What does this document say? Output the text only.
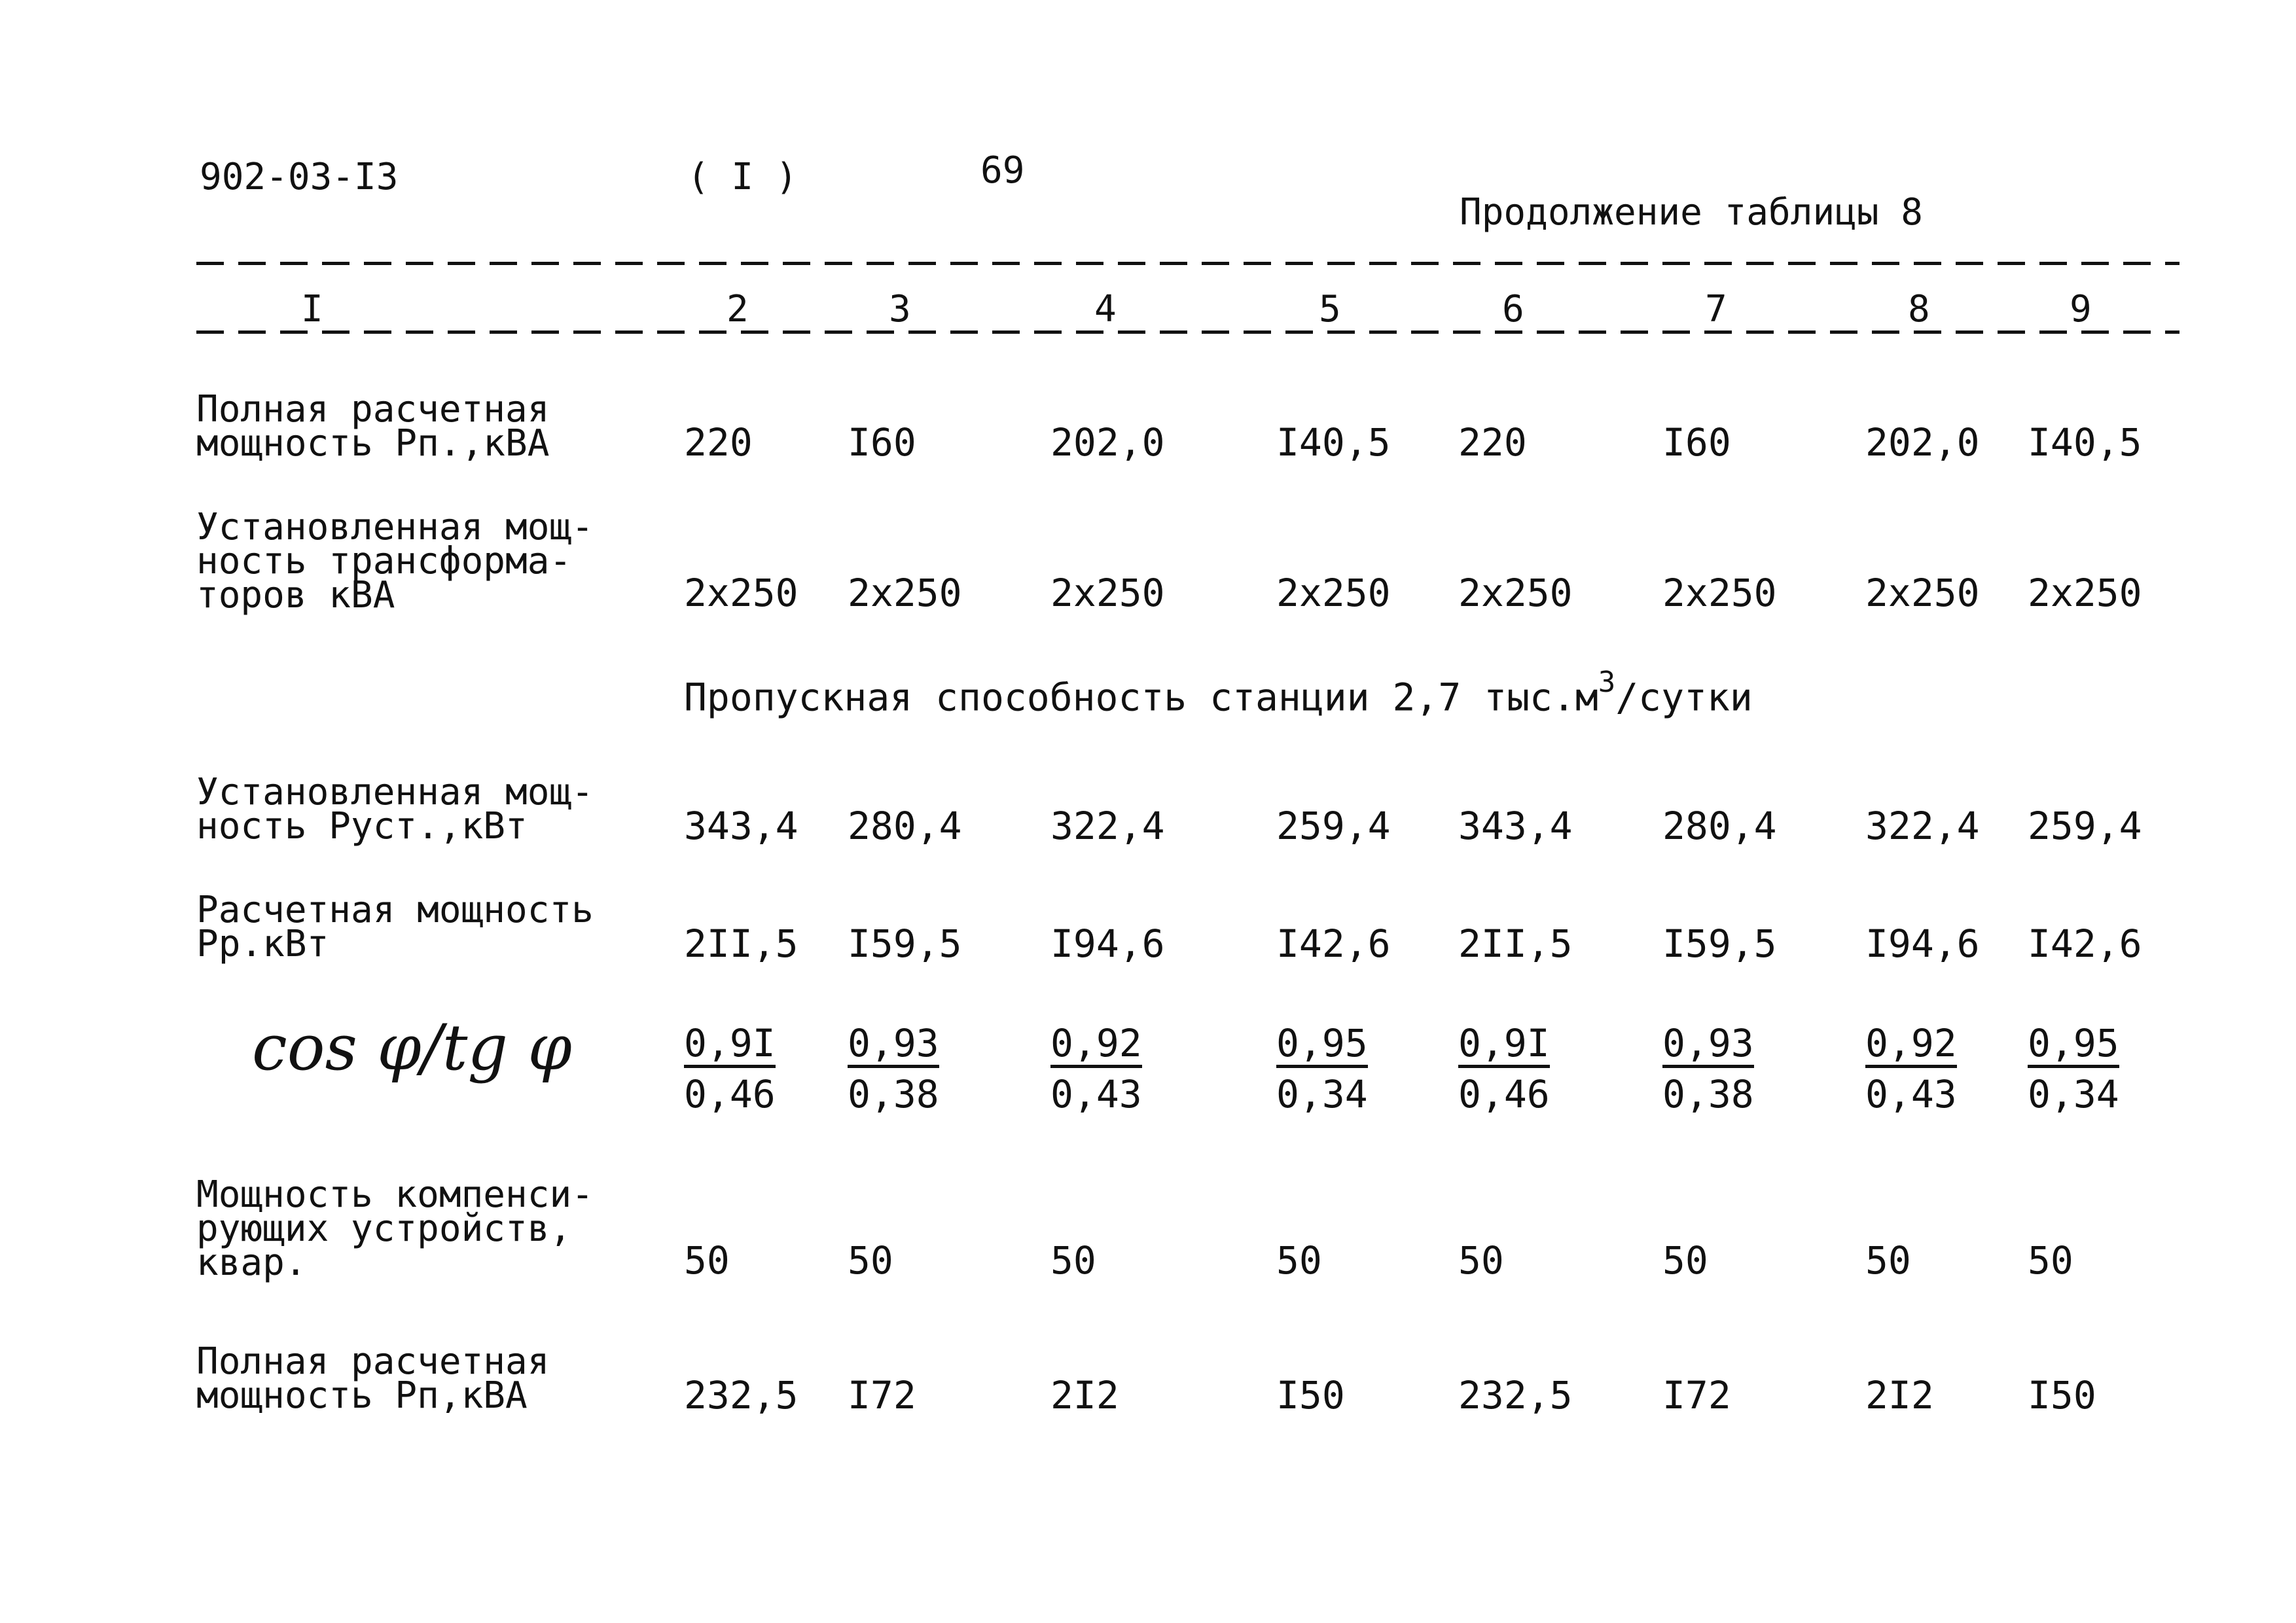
902-03-I3	( I )	69
Продолжение таблицы 8
I	2	3	4	5	6	7	8	9
Полная расчетная
мощность Рп.,кВА	220	I60	202,0	I40,5 220	I60	202,0 I40,5
Установленная мощ-
ность трансформа-
торов кВА	2x250 2x250 2x250	2x250 2x250 2x250 2x250 2x250
Пропускная способность станции 2,7 $тыс.м^3$/сутки
Установленная мощ-
ность Руст.,кВт	343,4 280,4 322,4	259,4 343,4 280,4 322,4 259,4
Расчетная мощность
Рр.кВт	2II,5 I59,5 I94,6	I42,6 2II,5 I59,5 I94,6 I42,6
cos φ/tg φ	$\frac{0,9I}{0,46} \frac{0,93}{0,38}$	$\frac{0,92}{0,43}$	$\frac{0,95}{0,34} \frac{0,9I}{0,46}$	$\frac{0,93}{0,38}$	$\frac{0,92}{0,43} \frac{0,95}{0,34}$
Мощность компенси-
рующих устройств,
квар.	50	50	50	50	50	50	50	50
Полная расчетная
мощность Рп,кВА	232,5 I72	2I2	I50	232,5 I72	2I2 I50
